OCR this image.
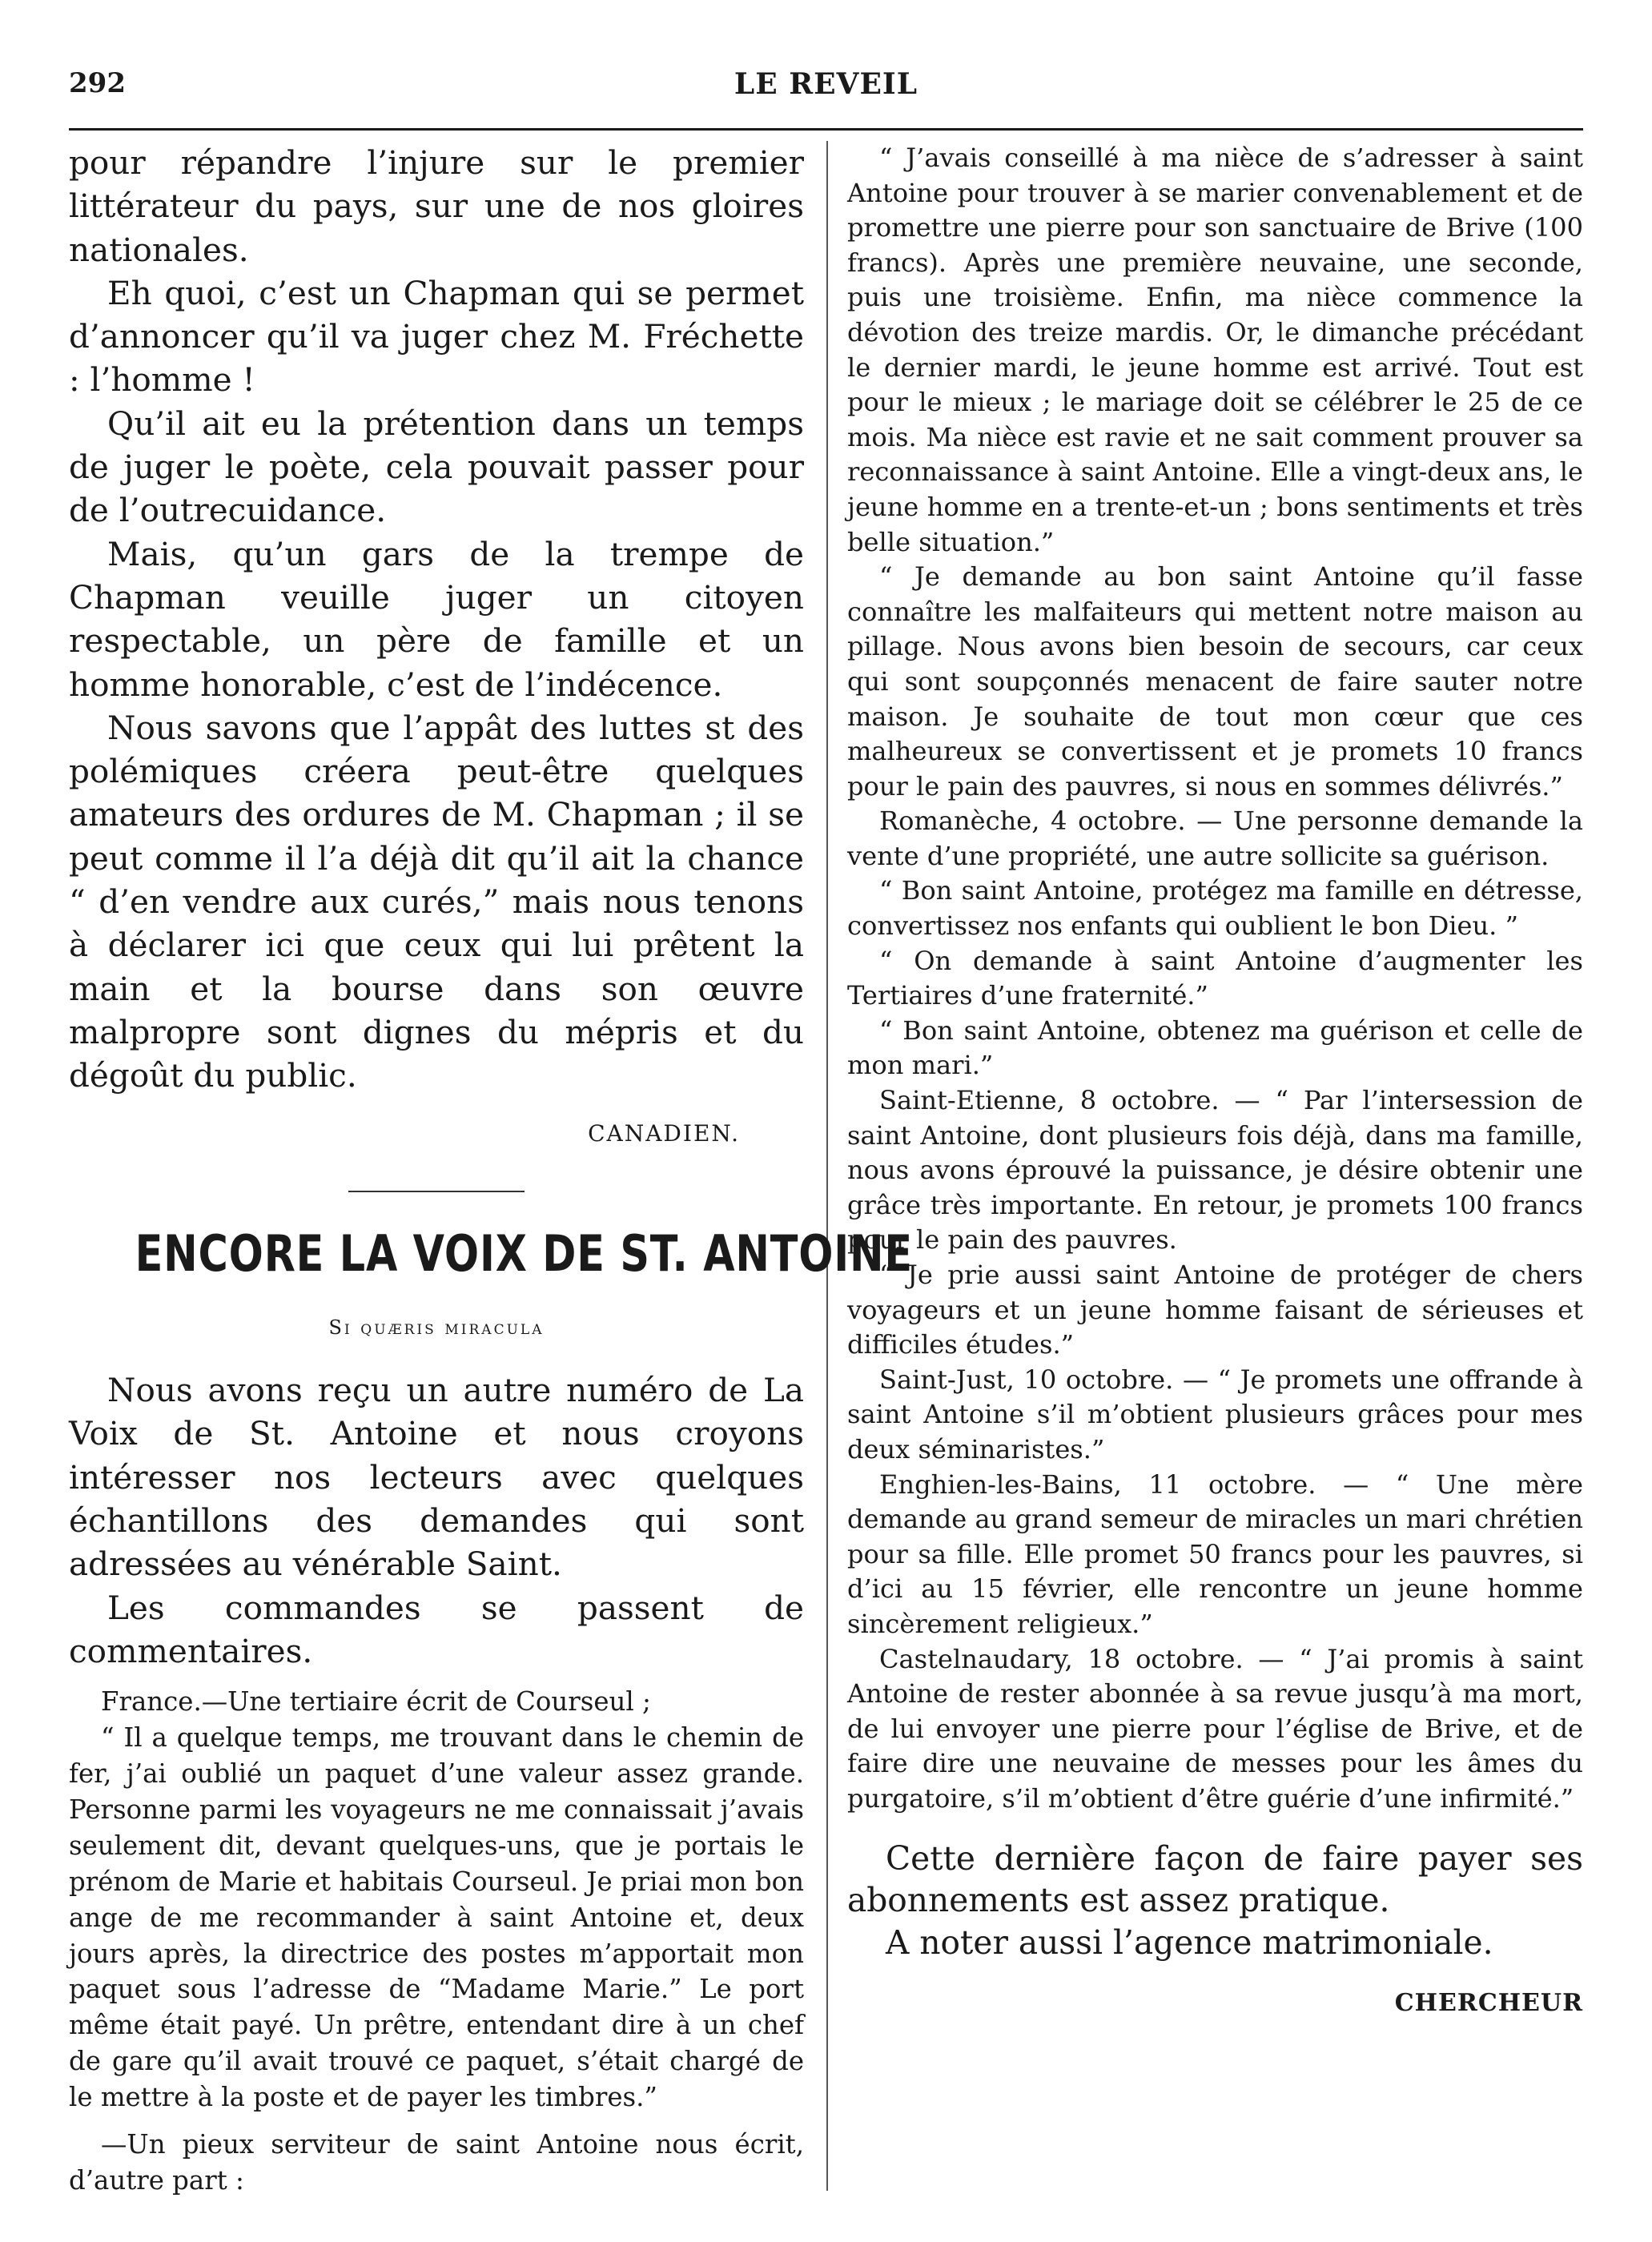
292	LE REVEIL

pour répandre l’injure sur le premier littérateur du pays, sur une de nos gloires nationales.

Eh quoi, c’est un Chapman qui se permet d’annoncer qu’il va juger chez M. Fréchette : l’homme !

Qu’il ait eu la prétention dans un temps de juger le poète, cela pouvait passer pour de l’outrecuidance.

Mais, qu’un gars de la trempe de Chapman veuille juger un citoyen respectable, un père de famille et un homme honorable, c’est de l’indécence.

Nous savons que l’appât des luttes st des polémiques créera peut-être quelques amateurs des ordures de M. Chapman ; il se peut comme il l’a déjà dit qu’il ait la chance “ d’en vendre aux curés,” mais nous tenons à déclarer ici que ceux qui lui prêtent la main et la bourse dans son œuvre malpropre sont dignes du mépris et du dégoût du public.

CANADIEN.
ENCORE LA VOIX DE ST. ANTOINE
Si quæris miracula

Nous avons reçu un autre numéro de La Voix de St. Antoine et nous croyons intéresser nos lecteurs avec quelques échantillons des demandes qui sont adressées au vénérable Saint.

Les commandes se passent de commentaires.

France.—Une tertiaire écrit de Courseul ;

“ Il a quelque temps, me trouvant dans le chemin de fer, j’ai oublié un paquet d’une valeur assez grande. Personne parmi les voyageurs ne me connaissait j’avais seulement dit, devant quelques-uns, que je portais le prénom de Marie et habitais Courseul. Je priai mon bon ange de me recommander à saint Antoine et, deux jours après, la directrice des postes m’apportait mon paquet sous l’adresse de “Madame Marie.” Le port même était payé. Un prêtre, entendant dire à un chef de gare qu’il avait trouvé ce paquet, s’était chargé de le mettre à la poste et de payer les timbres.”

—Un pieux serviteur de saint Antoine nous écrit, d’autre part :

“ J’avais conseillé à ma nièce de s’adresser à saint Antoine pour trouver à se marier convenablement et de promettre une pierre pour son sanctuaire de Brive (100 francs). Après une première neuvaine, une seconde, puis une troisième. Enfin, ma nièce commence la dévotion des treize mardis. Or, le dimanche précédant le dernier mardi, le jeune homme est arrivé. Tout est pour le mieux ; le mariage doit se célébrer le 25 de ce mois. Ma nièce est ravie et ne sait comment prouver sa reconnaissance à saint Antoine. Elle a vingt-deux ans, le jeune homme en a trente-et-un ; bons sentiments et très belle situation.”

“ Je demande au bon saint Antoine qu’il fasse connaître les malfaiteurs qui mettent notre maison au pillage. Nous avons bien besoin de secours, car ceux qui sont soupçonnés menacent de faire sauter notre maison. Je souhaite de tout mon cœur que ces malheureux se convertissent et je promets 10 francs pour le pain des pauvres, si nous en sommes délivrés.”

Romanèche, 4 octobre. — Une personne demande la vente d’une propriété, une autre sollicite sa guérison.

“ Bon saint Antoine, protégez ma famille en détresse, convertissez nos enfants qui oublient le bon Dieu. ”

“ On demande à saint Antoine d’augmenter les Tertiaires d’une fraternité.”

“ Bon saint Antoine, obtenez ma guérison et celle de mon mari.”

Saint-Etienne, 8 octobre. — “ Par l’intersession de saint Antoine, dont plusieurs fois déjà, dans ma famille, nous avons éprouvé la puissance, je désire obtenir une grâce très importante. En retour, je promets 100 francs pour le pain des pauvres.

“ Je prie aussi saint Antoine de protéger de chers voyageurs et un jeune homme faisant de sérieuses et difficiles études.”

Saint-Just, 10 octobre. — “ Je promets une offrande à saint Antoine s’il m’obtient plusieurs grâces pour mes deux séminaristes.”

Enghien-les-Bains, 11 octobre. — “ Une mère demande au grand semeur de miracles un mari chrétien pour sa fille. Elle promet 50 francs pour les pauvres, si d’ici au 15 février, elle rencontre un jeune homme sincèrement religieux.”

Castelnaudary, 18 octobre. — “ J’ai promis à saint Antoine de rester abonnée à sa revue jusqu’à ma mort, de lui envoyer une pierre pour l’église de Brive, et de faire dire une neuvaine de messes pour les âmes du purgatoire, s’il m’obtient d’être guérie d’une infirmité.”

Cette dernière façon de faire payer ses abonnements est assez pratique.

A noter aussi l’agence matrimoniale.

CHERCHEUR
